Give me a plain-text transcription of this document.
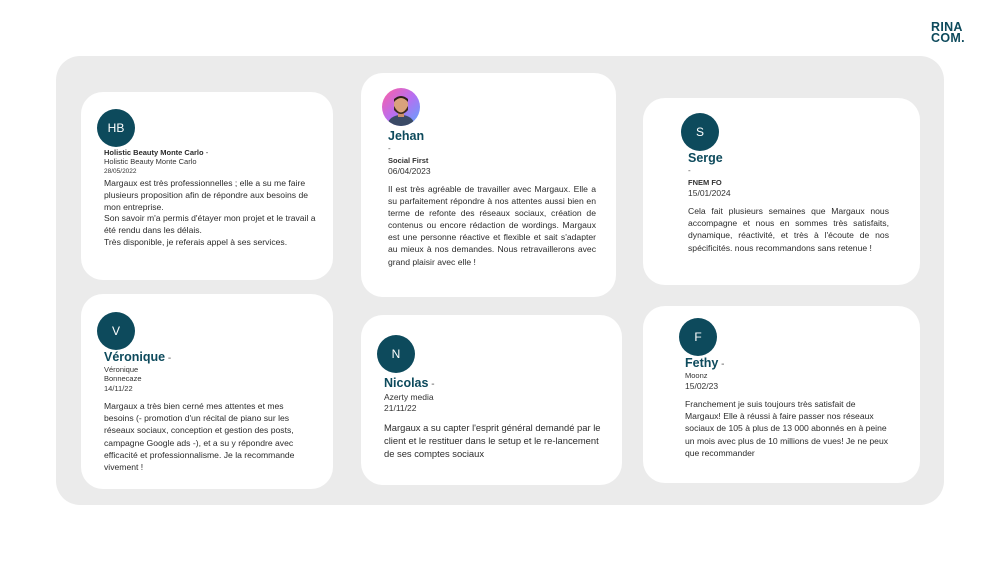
RINA
COM.
HB
Holistic Beauty Monte Carlo -
Holistic Beauty Monte Carlo
28/05/2022

Margaux est très professionnelles ; elle a su me faire plusieurs proposition afin de répondre aux besoins de mon entreprise.

Son savoir m'a permis d'étayer mon projet et le travail a été rendu dans les délais.

Très disponible, je referais appel à ses services.

Jehan
-
Social First
06/04/2023

Il est très agréable de travailler avec Margaux. Elle a su parfaitement répondre à nos attentes aussi bien en terme de refonte des réseaux sociaux, création de contenus ou encore rédaction de wordings. Margaux est une personne réactive et flexible et sait s'adapter au mieux à nos demandes. Nous retravaillerons avec grand plaisir avec elle !

S
Serge
-
FNEM FO
15/01/2024

Cela fait plusieurs semaines que Margaux nous accompagne et nous en sommes très satisfaits, dynamique, réactivité, et très à l'écoute de nos spécificités. nous recommandons sans retenue !

V
Véronique -
Véronique
Bonnecaze
14/11/22

Margaux a très bien cerné mes attentes et mes besoins (- promotion d'un récital de piano sur les réseaux sociaux, conception et gestion des posts, campagne Google ads -), et a su y répondre avec efficacité et professionnalisme. Je la recommande vivement !

N
Nicolas -
Azerty media
21/11/22

Margaux a su capter l'esprit général demandé par le client et le restituer dans le setup et le re-lancement de ses comptes sociaux

F
Fethy -
Moonz
15/02/23

Franchement je suis toujours très satisfait de Margaux! Elle à réussi à faire passer nos réseaux sociaux de 105 à plus de 13 000 abonnés en à peine un mois avec plus de 10 millions de vues! Je ne peux que recommander
